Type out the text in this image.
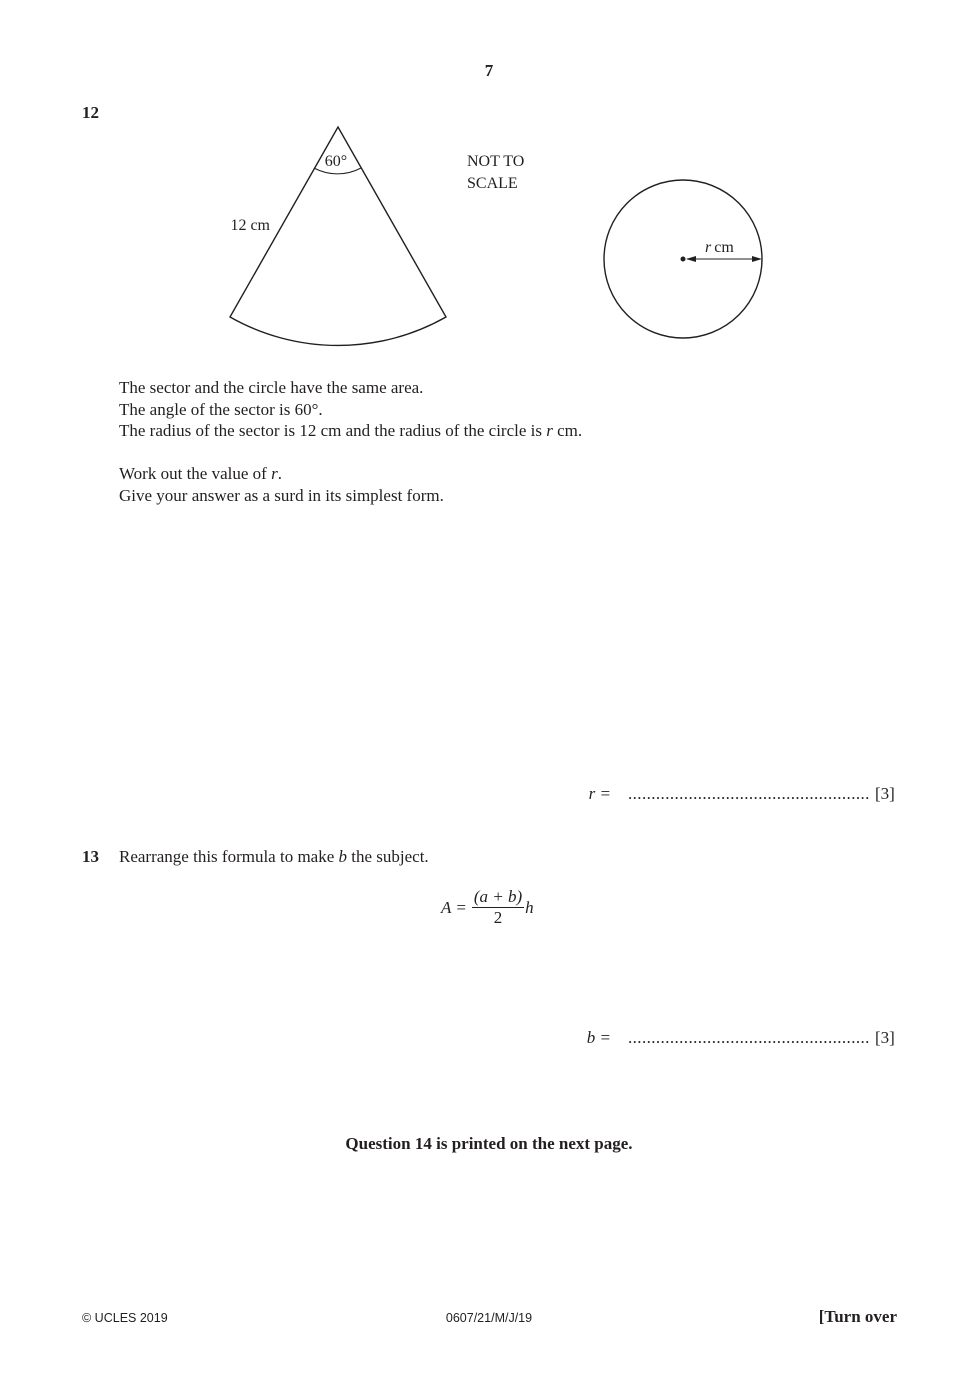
7
12
60°
12 cm
NOT TO
SCALE
r cm
The sector and the circle have the same area.
The angle of the sector is 60°.
The radius of the sector is 12 cm and the radius of the circle is r cm.
Work out the value of r.
Give your answer as a surd in its simplest form.
r = .................................................... [3]
13 Rearrange this formula to make b the subject.
$A = \frac{(a + b)}{2}$ h
b = .................................................... [3]
Question 14 is printed on the next page.
© UCLES 2019	0607/21/M/J/19	[Turn over
